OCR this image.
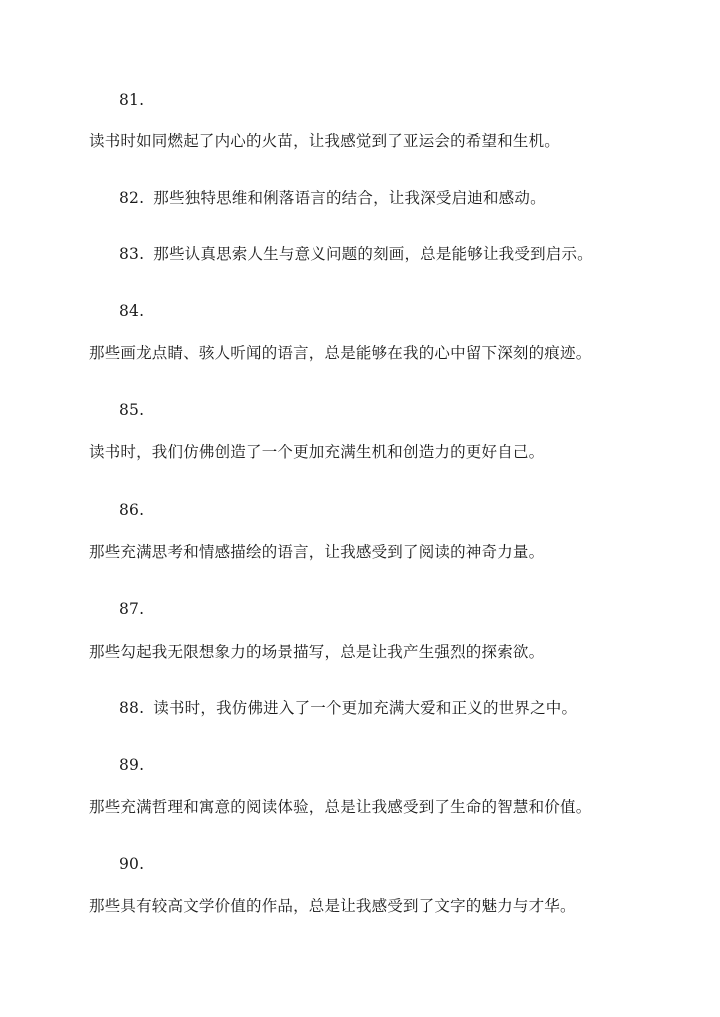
81.
读书时如同燃起了内心的火苗，让我感觉到了亚运会的希望和生机。
82. 那些独特思维和俐落语言的结合，让我深受启迪和感动。
83. 那些认真思索人生与意义问题的刻画，总是能够让我受到启示。
84.
那些画龙点睛、骇人听闻的语言，总是能够在我的心中留下深刻的痕迹。
85.
读书时，我们仿佛创造了一个更加充满生机和创造力的更好自己。
86.
那些充满思考和情感描绘的语言，让我感受到了阅读的神奇力量。
87.
那些勾起我无限想象力的场景描写，总是让我产生强烈的探索欲。
88. 读书时，我仿佛进入了一个更加充满大爱和正义的世界之中。
89.
那些充满哲理和寓意的阅读体验，总是让我感受到了生命的智慧和价值。
90.
那些具有较高文学价值的作品，总是让我感受到了文字的魅力与才华。
